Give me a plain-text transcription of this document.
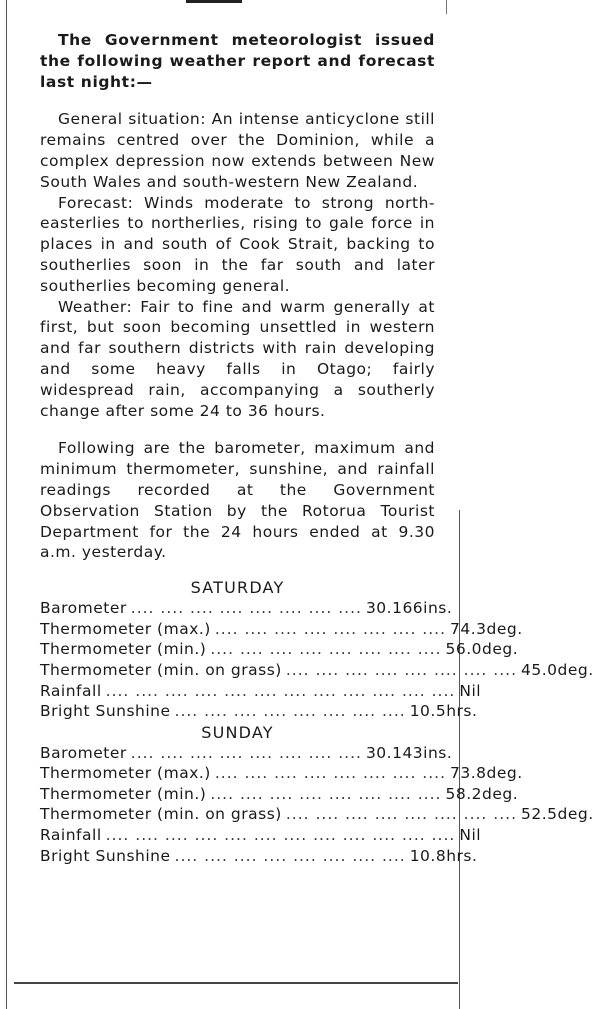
The Government meteorologist issued the following weather report and forecast last night:—

General situation: An intense anticyclone still remains centred over the Dominion, while a complex depression now extends between New South Wales and south-western New Zealand.

Forecast: Winds moderate to strong north-easterlies to northerlies, rising to gale force in places in and south of Cook Strait, backing to southerlies soon in the far south and later southerlies becoming general.

Weather: Fair to fine and warm generally at first, but soon becoming unsettled in western and far southern districts with rain developing and some heavy falls in Otago; fairly widespread rain, accompanying a southerly change after some 24 to 36 hours.

Following are the barometer, maximum and minimum thermometer, sunshine, and rainfall readings recorded at the Government Observation Station by the Rotorua Tourist Department for the 24 hours ended at 9.30 a.m. yesterday.

SATURDAY
Barometer .... .... .... .... .... .... .... .... 30.166ins.
Thermometer (max.) .... .... .... .... .... .... .... .... 74.3deg.
Thermometer (min.) .... .... .... .... .... .... .... .... 56.0deg.
Thermometer (min. on grass) .... .... .... .... .... .... .... .... 45.0deg.
Rainfall .... .... .... .... .... .... .... .... .... .... .... .... Nil
Bright Sunshine .... .... .... .... .... .... .... .... 10.5hrs.
SUNDAY
Barometer .... .... .... .... .... .... .... .... 30.143ins.
Thermometer (max.) .... .... .... .... .... .... .... .... 73.8deg.
Thermometer (min.) .... .... .... .... .... .... .... .... 58.2deg.
Thermometer (min. on grass) .... .... .... .... .... .... .... .... 52.5deg.
Rainfall .... .... .... .... .... .... .... .... .... .... .... .... Nil
Bright Sunshine .... .... .... .... .... .... .... .... 10.8hrs.
